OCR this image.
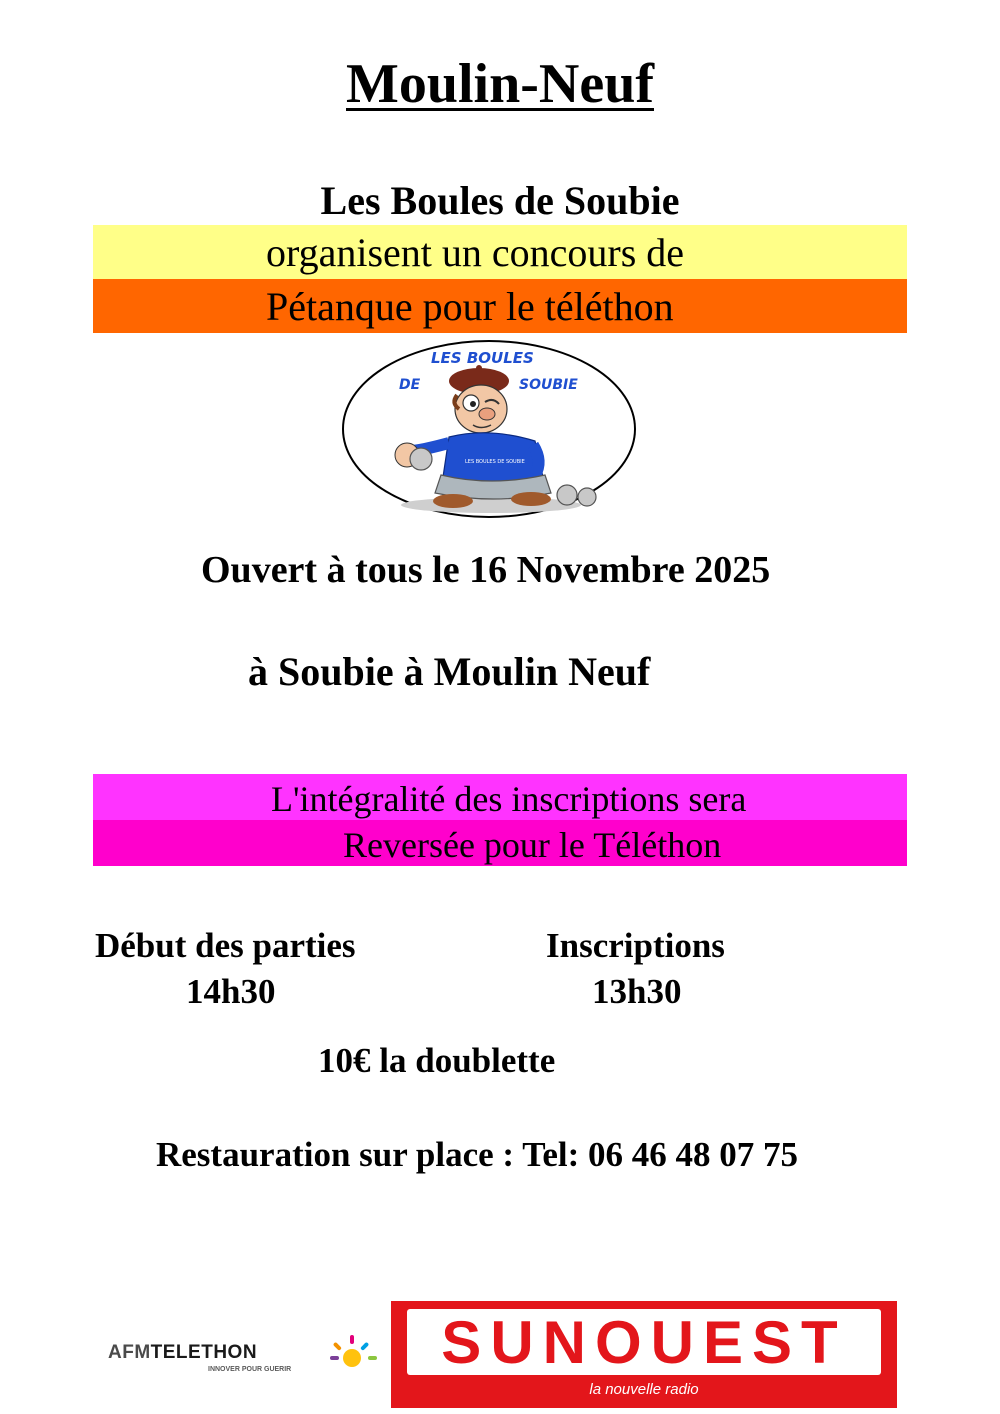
Moulin-Neuf
Les Boules de Soubie
organisent un concours de
Pétanque pour le téléthon
LES BOULES
DE	SOUBIE
LES BOULES DE SOUBIE
Ouvert à tous le 16 Novembre 2025
à Soubie à Moulin Neuf
L'intégralité des inscriptions sera
Reversée pour le Téléthon
Début des parties
14h30
Inscriptions
13h30
10€ la doublette
Restauration sur place : Tel: 06 46 48 07 75
AFMTELETHON
INNOVER POUR GUERIR	SUNOUEST
la nouvelle radio
